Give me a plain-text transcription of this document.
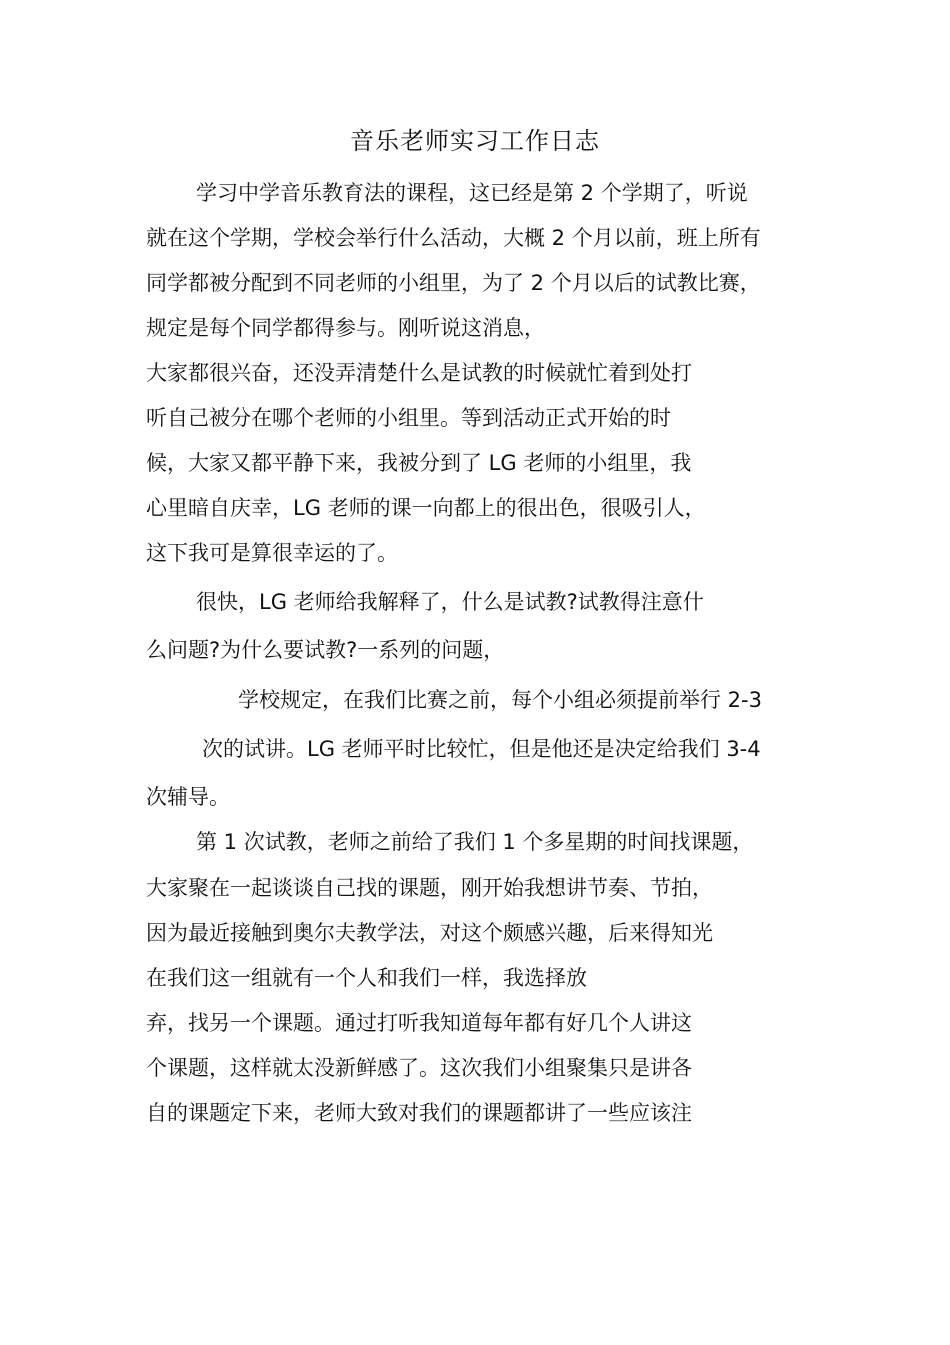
音乐老师实习工作日志
学习中学音乐教育法的课程，这已经是第 2 个学期了，听说
就在这个学期，学校会举行什么活动，大概 2 个月以前，班上所有
同学都被分配到不同老师的小组里，为了 2 个月以后的试教比赛，
规定是每个同学都得参与。刚听说这消息，
大家都很兴奋，还没弄清楚什么是试教的时候就忙着到处打
听自己被分在哪个老师的小组里。等到活动正式开始的时
候，大家又都平静下来，我被分到了 LG 老师的小组里，我
心里暗自庆幸，LG 老师的课一向都上的很出色，很吸引人，
这下我可是算很幸运的了。
很快，LG 老师给我解释了，什么是试教?试教得注意什
么问题?为什么要试教?一系列的问题，
学校规定，在我们比赛之前，每个小组必须提前举行 2-3
次的试讲。LG 老师平时比较忙，但是他还是决定给我们 3-4
次辅导。
第 1 次试教，老师之前给了我们 1 个多星期的时间找课题，
大家聚在一起谈谈自己找的课题，刚开始我想讲节奏、节拍，
因为最近接触到奥尔夫教学法，对这个颇感兴趣，后来得知光
在我们这一组就有一个人和我们一样，我选择放
弃，找另一个课题。通过打听我知道每年都有好几个人讲这
个课题，这样就太没新鲜感了。这次我们小组聚集只是讲各
自的课题定下来，老师大致对我们的课题都讲了一些应该注
